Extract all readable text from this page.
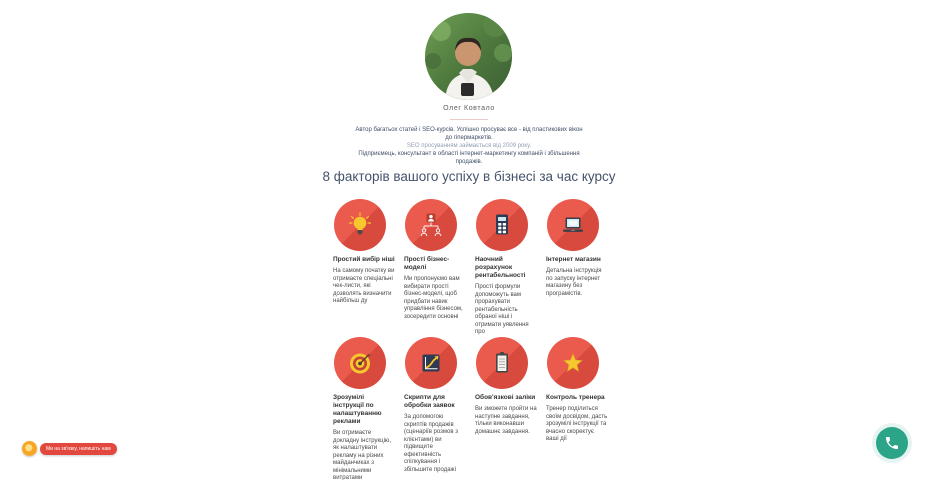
Олег Ковтало
Автор багатьох статей і SEO-курсів. Успішно просуває все - від пластикових вікон до гіпермаркетів.
SEO просуванням займається від 2009 року.
Підприємець, консультант в області інтернет-маркетингу компаній і збільшення продажів.
8 факторів вашого успіху в бізнесі за час курсу
Простий вибір ніші
На самому початку ви отримаєте спеціальні чек-листи, які дозволять визначити найбільш ду
Прості бізнес-моделі
Ми пропонуємо вам вибирати прості бізнес-моделі, щоб придбати навик управління бізнесом, зосередити основні
Наочний розрахунок рентабельності
Прості формули допоможуть вам прорахувати рентабельність обраної ніші і отримати уявлення про
Інтернет магазин
Детальна інструкція по запуску інтернет магазину без програмістів.
Зрозумілі інструкції по налаштуванню реклами
Ви отримаєте докладну інструкцію, як налаштувати рекламу на різних майданчиках з мінімальними витратами
Скрипти для обробки заявок
За допомогою скриптів продажів (сценаріїв розмов з клієнтами) ви підвищите ефективність спілкування і збільшите продажі
Обов'язкові заліки
Ви зможете пройти на наступне завдання, тільки виконавши домашнє завдання.
Контроль тренера
Тренер поділиться своїм досвідом, дасть зрозумілі інструкції та вчасно скоректує ваші дії
Ми на зв'язку, напишіть нам
